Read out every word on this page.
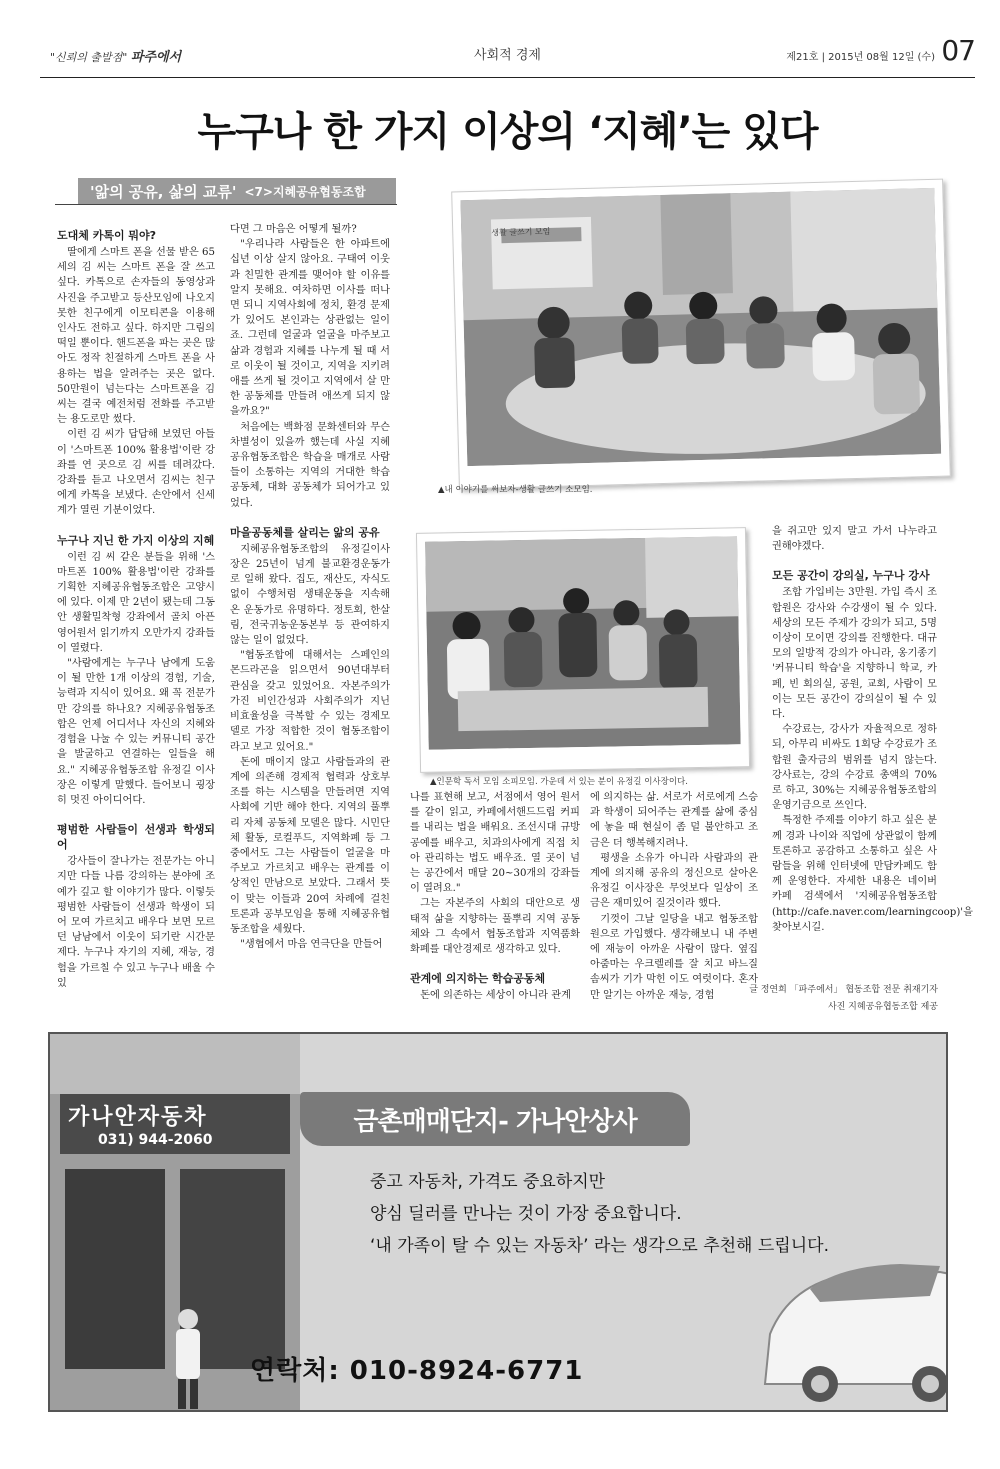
"신뢰의 출발점" 파주에서	사회적 경제	제21호 | 2015년 08월 12일 (수) 07
누구나 한 가지 이상의 ‘지혜’는 있다
'앎의 공유, 삶의 교류' <7>지혜공유협동조합
도대체 카톡이 뭐야?

딸에게 스마트 폰을 선물 받은 65세의 김 씨는 스마트 폰을 잘 쓰고 싶다. 카톡으로 손자들의 동영상과 사진을 주고받고 등산모임에 나오지 못한 친구에게 이모티콘을 이용해 인사도 전하고 싶다. 하지만 그림의 떡일 뿐이다. 핸드폰을 파는 곳은 많아도 정작 친절하게 스마트 폰을 사용하는 법을 알려주는 곳은 없다. 50만원이 넘는다는 스마트폰을 김씨는 결국 예전처럼 전화를 주고받는 용도로만 썼다.

이런 김 씨가 답답해 보였던 아들이 '스마트폰 100% 활용법'이란 강좌를 연 곳으로 김 씨를 데려갔다. 강좌를 듣고 나오면서 김씨는 친구에게 카톡을 보냈다. 손안에서 신세계가 열린 기분이었다.

누구나 지닌 한 가지 이상의 지혜

이런 김 씨 같은 분들을 위해 '스마트폰 100% 활용법'이란 강좌를 기획한 지혜공유협동조합은 고양시에 있다. 이제 만 2년이 됐는데 그동안 생활밀착형 강좌에서 골치 아픈 영어원서 읽기까지 오만가지 강좌들이 열렸다.

"사람에게는 누구나 남에게 도움이 될 만한 1개 이상의 경험, 기술, 능력과 지식이 있어요. 왜 꼭 전문가만 강의를 하나요? 지혜공유협동조합은 언제 어디서나 자신의 지혜와 경험을 나눌 수 있는 커뮤니티 공간을 발굴하고 연결하는 일들을 해요." 지혜공유협동조합 유정길 이사장은 이렇게 말했다. 들어보니 굉장히 멋진 아이디어다.

평범한 사람들이 선생과 학생되어

강사들이 잘나가는 전문가는 아니지만 다들 나름 강의하는 분야에 조예가 깊고 할 이야기가 많다. 이렇듯 평범한 사람들이 선생과 학생이 되어 모여 가르치고 배우다 보면 모르던 남남에서 이웃이 되기란 시간문제다. 누구나 자기의 지혜, 재능, 경험을 가르칠 수 있고 누구나 배울 수 있

다면 그 마음은 어떻게 될까?

"우리나라 사람들은 한 아파트에 십년 이상 살지 않아요. 구태여 이웃과 친밀한 관계를 맺어야 할 이유를 알지 못해요. 여차하면 이사를 떠나면 되니 지역사회에 정치, 환경 문제가 있어도 본인과는 상관없는 일이죠. 그런데 얼굴과 얼굴을 마주보고 삶과 경험과 지혜를 나누게 될 때 서로 이웃이 될 것이고, 지역을 지키려 애를 쓰게 될 것이고 지역에서 살 만한 공동체를 만들려 애쓰게 되지 않을까요?"

처음에는 백화점 문화센터와 무슨 차별성이 있을까 했는데 사실 지혜공유협동조합은 학습을 매개로 사람들이 소통하는 지역의 거대한 학습 공동체, 대화 공동체가 되어가고 있었다.

마을공동체를 살리는 앎의 공유

지혜공유협동조합의 유정길이사장은 25년이 넘게 불교환경운동가로 일해 왔다. 집도, 재산도, 자식도 없이 수행처럼 생태운동을 지속해 온 운동가로 유명하다. 정토회, 한살림, 전국귀농운동본부 등 관여하지 않는 일이 없었다.

"협동조합에 대해서는 스페인의 몬드라곤을 읽으면서 90년대부터 관심을 갖고 있었어요. 자본주의가 가진 비인간성과 사회주의가 지닌 비효율성을 극복할 수 있는 경제모델로 가장 적합한 것이 협동조합이라고 보고 있어요."

돈에 매이지 않고 사람들과의 관계에 의존해 경제적 협력과 상호부조를 하는 시스템을 만들려면 지역사회에 기반 해야 한다. 지역의 풀뿌리 자체 공동체 모델은 많다. 시민단체 활동, 로컬푸드, 지역화폐 등 그중에서도 그는 사람들이 얼굴을 마주보고 가르치고 배우는 관계를 이상적인 만남으로 보았다. 그래서 뜻이 맞는 이들과 20여 차례에 걸친 토론과 공부모임을 통해 지혜공유협동조합을 세웠다.

"생협에서 마음 연극단을 만들어

생활 글쓰기 모임
▲내 이야기를 써보자-생활 글쓰기 소모임.
▲인문학 독서 모임 소피모임. 가운데 서 있는 분이 유정길 이사장이다.

나를 표현해 보고, 서점에서 영어 원서를 같이 읽고, 카페에서핸드드립 커피를 내리는 법을 배워요. 조선시대 규방공예를 배우고, 치과의사에게 직접 치아 관리하는 법도 배우죠. 열 곳이 넘는 공간에서 매달 20~30개의 강좌들이 열려요."

그는 자본주의 사회의 대안으로 생태적 삶을 지향하는 풀뿌리 지역 공동체와 그 속에서 협동조합과 지역품화 화폐를 대안경제로 생각하고 있다.

관계에 의지하는 학습공동체

돈에 의존하는 세상이 아니라 관계

에 의지하는 삶. 서로가 서로에게 스승과 학생이 되어주는 관계를 삶에 중심에 놓을 때 현실이 좀 덜 불안하고 조금은 더 행복해지려나.

평생을 소유가 아니라 사람과의 관계에 의지해 공유의 정신으로 살아온 유정길 이사장은 무엇보다 일상이 조금은 재미있어 질것이라 했다.

기껏이 그날 일당을 내고 협동조합원으로 가입했다. 생각해보니 내 주변에 재능이 아까운 사람이 많다. 옆집 아줌마는 우크렐레를 잘 치고 바느질 솜씨가 기가 막힌 이도 여럿이다. 혼자만 알기는 아까운 재능, 경험

을 쥐고만 있지 말고 가서 나누라고 권해야겠다.

모든 공간이 강의실, 누구나 강사

조합 가입비는 3만원. 가입 즉시 조합원은 강사와 수강생이 될 수 있다. 세상의 모든 주제가 강의가 되고, 5명 이상이 모이면 강의를 진행한다. 대규모의 일방적 강의가 아니라, 옹기종기 '커뮤니티 학습'을 지향하니 학교, 카페, 빈 회의실, 공원, 교회, 사람이 모이는 모든 공간이 강의실이 될 수 있다.

수강료는, 강사가 자율적으로 정하되, 아무리 비싸도 1회당 수강료가 조합원 출자금의 범위를 넘지 않는다. 강사료는, 강의 수강료 총액의 70%로 하고, 30%는 지혜공유협동조합의 운영기금으로 쓰인다.

특정한 주제를 이야기 하고 싶은 분께 경과 나이와 직업에 상관없이 함께 토론하고 공감하고 소통하고 싶은 사람들을 위해 인터넷에 만담카페도 함께 운영한다. 자세한 내용은 네이버 카페 검색에서 '지혜공유협동조합(http://cafe.naver.com/learningcoop)'을 찾아보시길.

글 정연희 「파주에서」 협동조합 전문 취재기자
사진 지혜공유협동조합 제공
가나안자동차
031) 944-2060
금촌매매단지- 가나안상사
중고 자동차, 가격도 중요하지만
양심 딜러를 만나는 것이 가장 중요합니다.
‘내 가족이 탈 수 있는 자동차’ 라는 생각으로 추천해 드립니다.
연락처: 010-8924-6771
